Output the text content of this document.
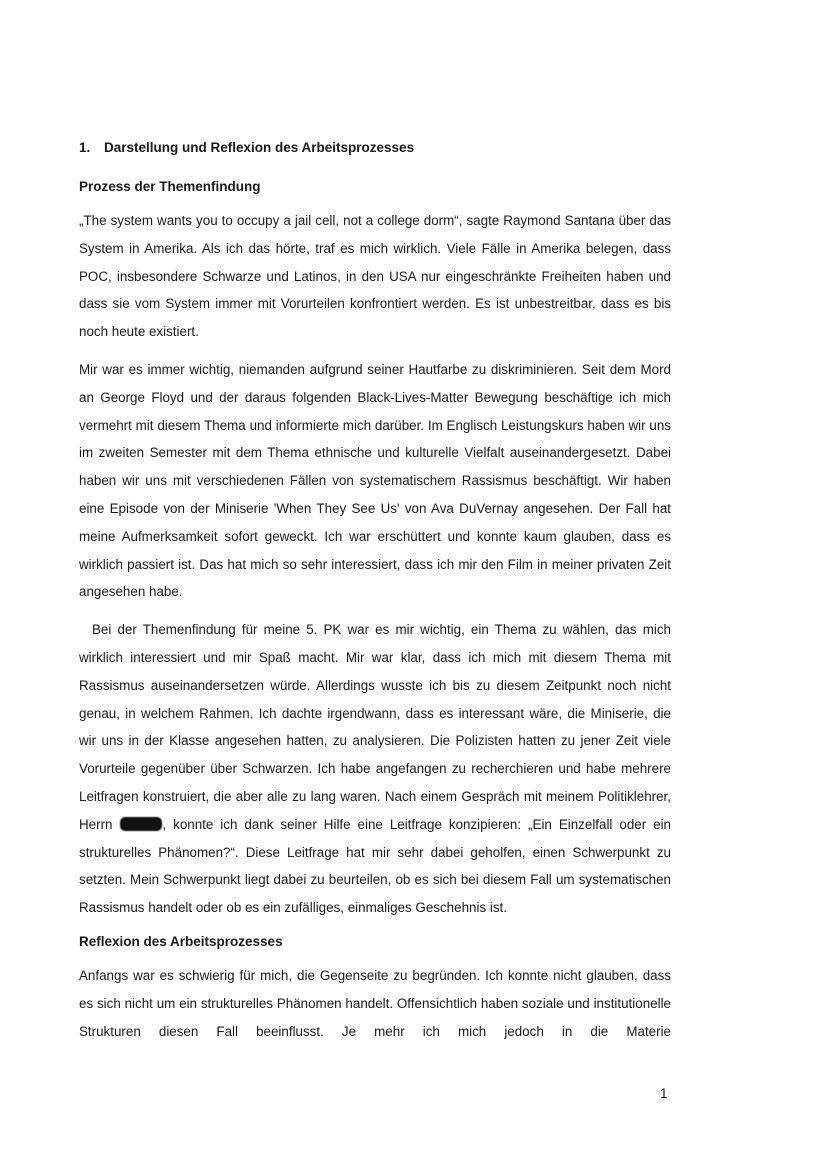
1. Darstellung und Reflexion des Arbeitsprozesses
Prozess der Themenfindung

„The system wants you to occupy a jail cell, not a college dorm“, sagte Raymond Santana über das System in Amerika. Als ich das hörte, traf es mich wirklich. Viele Fälle in Amerika belegen, dass POC, insbesondere Schwarze und Latinos, in den USA nur eingeschränkte Freiheiten haben und dass sie vom System immer mit Vorurteilen konfrontiert werden. Es ist unbestreitbar, dass es bis noch heute existiert.

Mir war es immer wichtig, niemanden aufgrund seiner Hautfarbe zu diskriminieren. Seit dem Mord an George Floyd und der daraus folgenden Black-Lives-Matter Bewegung beschäftige ich mich vermehrt mit diesem Thema und informierte mich darüber. Im Englisch Leistungskurs haben wir uns im zweiten Semester mit dem Thema ethnische und kulturelle Vielfalt auseinandergesetzt. Dabei haben wir uns mit verschiedenen Fällen von systematischem Rassismus beschäftigt. Wir haben eine Episode von der Miniserie 'When They See Us' von Ava DuVernay angesehen. Der Fall hat meine Aufmerksamkeit sofort geweckt. Ich war erschüttert und konnte kaum glauben, dass es wirklich passiert ist. Das hat mich so sehr interessiert, dass ich mir den Film in meiner privaten Zeit angesehen habe.

Bei der Themenfindung für meine 5. PK war es mir wichtig, ein Thema zu wählen, das mich wirklich interessiert und mir Spaß macht. Mir war klar, dass ich mich mit diesem Thema mit Rassismus auseinandersetzen würde. Allerdings wusste ich bis zu diesem Zeitpunkt noch nicht genau, in welchem Rahmen. Ich dachte irgendwann, dass es interessant wäre, die Miniserie, die wir uns in der Klasse angesehen hatten, zu analysieren. Die Polizisten hatten zu jener Zeit viele Vorurteile gegenüber über Schwarzen. Ich habe angefangen zu recherchieren und habe mehrere Leitfragen konstruiert, die aber alle zu lang waren. Nach einem Gespräch mit meinem Politiklehrer, Herrn	, konnte ich dank seiner Hilfe eine Leitfrage konzipieren: „Ein Einzelfall oder ein strukturelles Phänomen?“. Diese Leitfrage hat mir sehr dabei geholfen, einen Schwerpunkt zu setzten. Mein Schwerpunkt liegt dabei zu beurteilen, ob es sich bei diesem Fall um systematischen Rassismus handelt oder ob es ein zufälliges, einmaliges Geschehnis ist.

Reflexion des Arbeitsprozesses

Anfangs war es schwierig für mich, die Gegenseite zu begründen. Ich konnte nicht glauben, dass es sich nicht um ein strukturelles Phänomen handelt. Offensichtlich haben soziale und institutionelle Strukturen diesen Fall beeinflusst. Je mehr ich mich jedoch in die Materie

1
